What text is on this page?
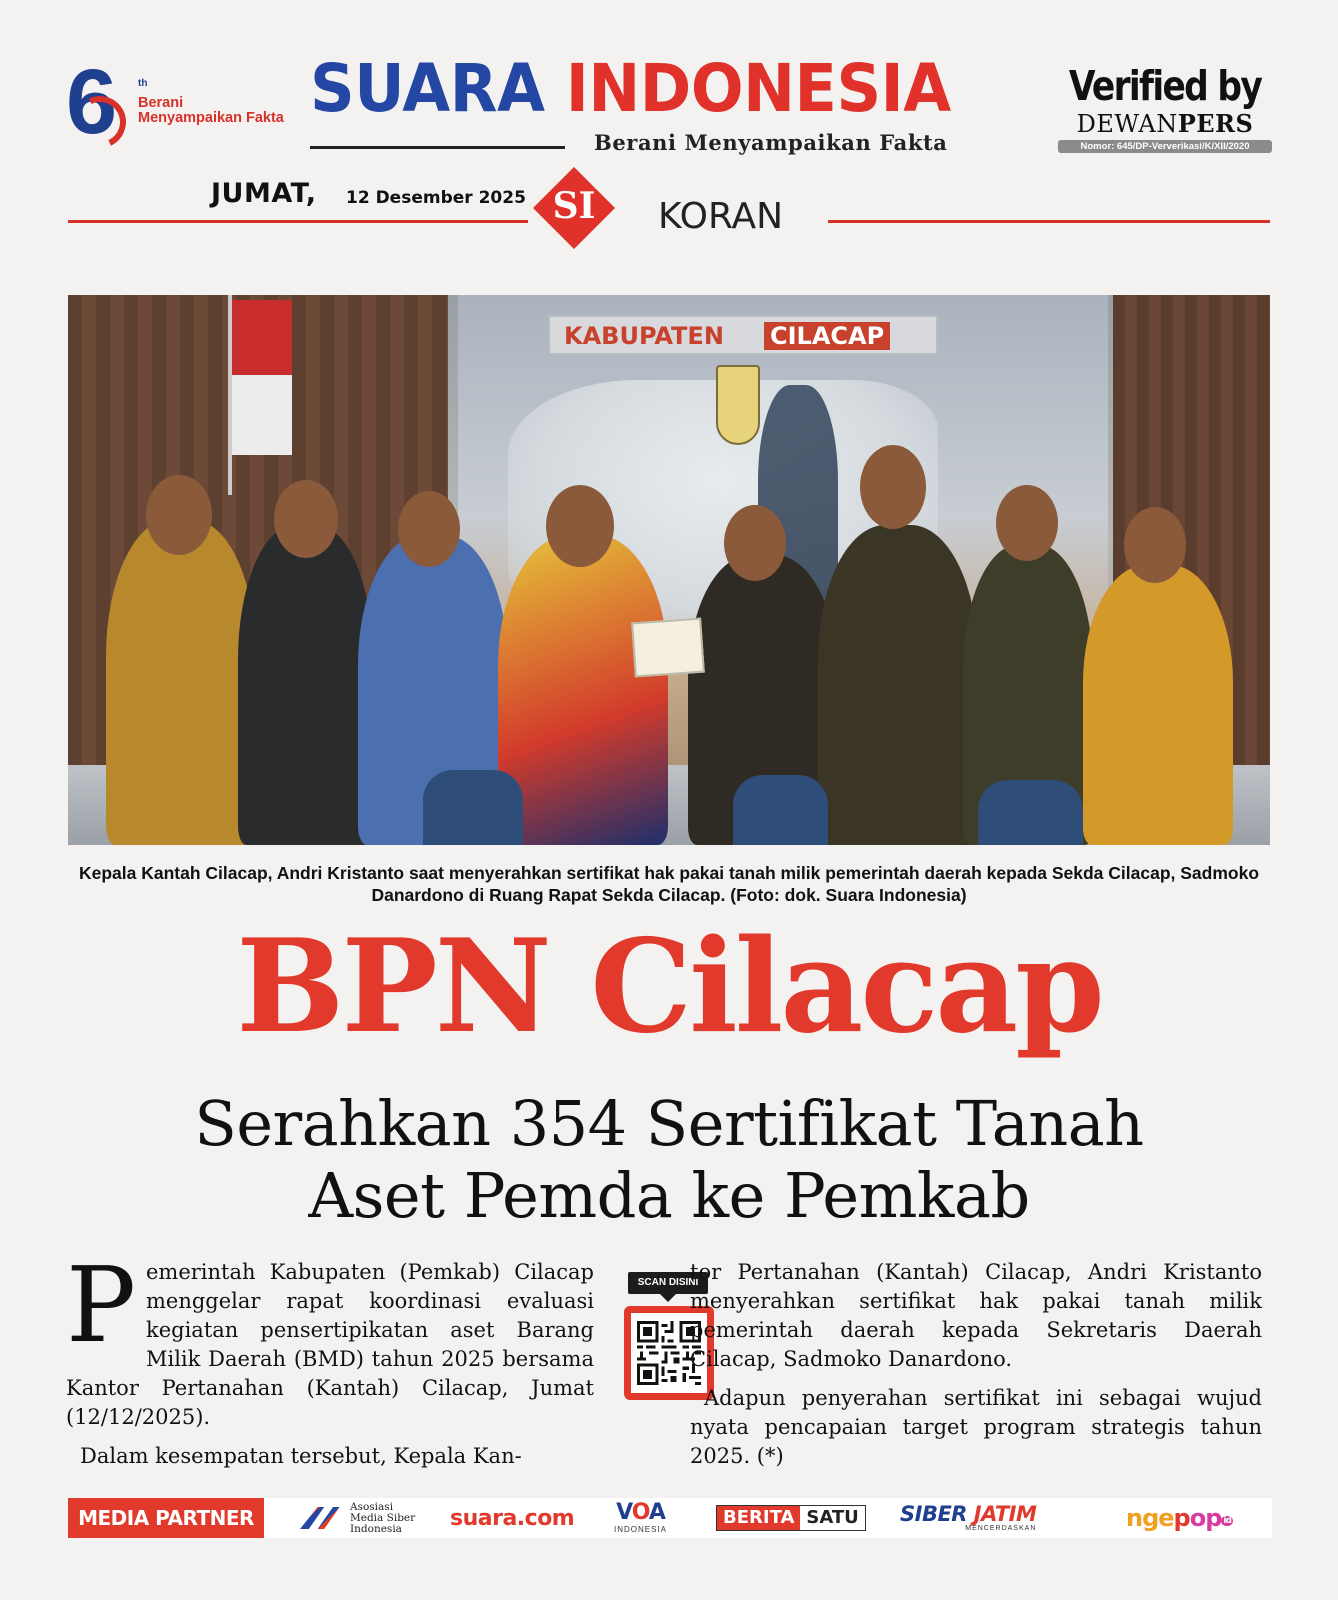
6 th
Berani Menyampaikan Fakta SUARA INDONESIA
Berani Menyampaikan Fakta
Verified by
DEWANPERS
Nomor: 645/DP-Ververikasi/K/XII/2020
JUMAT, 12 Desember 2025 SI	KORAN
KABUPATEN CILACAP
Kepala Kantah Cilacap, Andri Kristanto saat menyerahkan sertifikat hak pakai tanah milik pemerintah daerah kepada Sekda Cilacap, Sadmoko Danardono di Ruang Rapat Sekda Cilacap. (Foto: dok. Suara Indonesia)
BPN Cilacap
Serahkan 354 Sertifikat Tanah
Aset Pemda ke Pemkab

Pemerintah Kabupaten (Pemkab) Cilacap menggelar rapat koordinasi evaluasi kegiatan pensertipikatan aset Barang Milik Daerah (BMD) tahun 2025 bersama Kantor Pertanahan (Kantah) Cilacap, Jumat (12/12/2025).

Dalam kesempatan tersebut, Kepala Kan-

SCAN DISINI

tor Pertanahan (Kantah) Cilacap, Andri Kristanto menyerahkan sertifikat hak pakai tanah milik pemerintah daerah kepada Sekretaris Daerah Cilacap, Sadmoko Danardono.

Adapun penyerahan sertifikat ini sebagai wujud nyata pencapaian target program strategis tahun 2025. (*)

MEDIA PARTNER	Asosiasi
Media Siber
Indonesia	suara.com VOA
INDONESIA
BERITA SATU SIBER JATIM
MENCERDASKAN	ngepop $^{id}$
